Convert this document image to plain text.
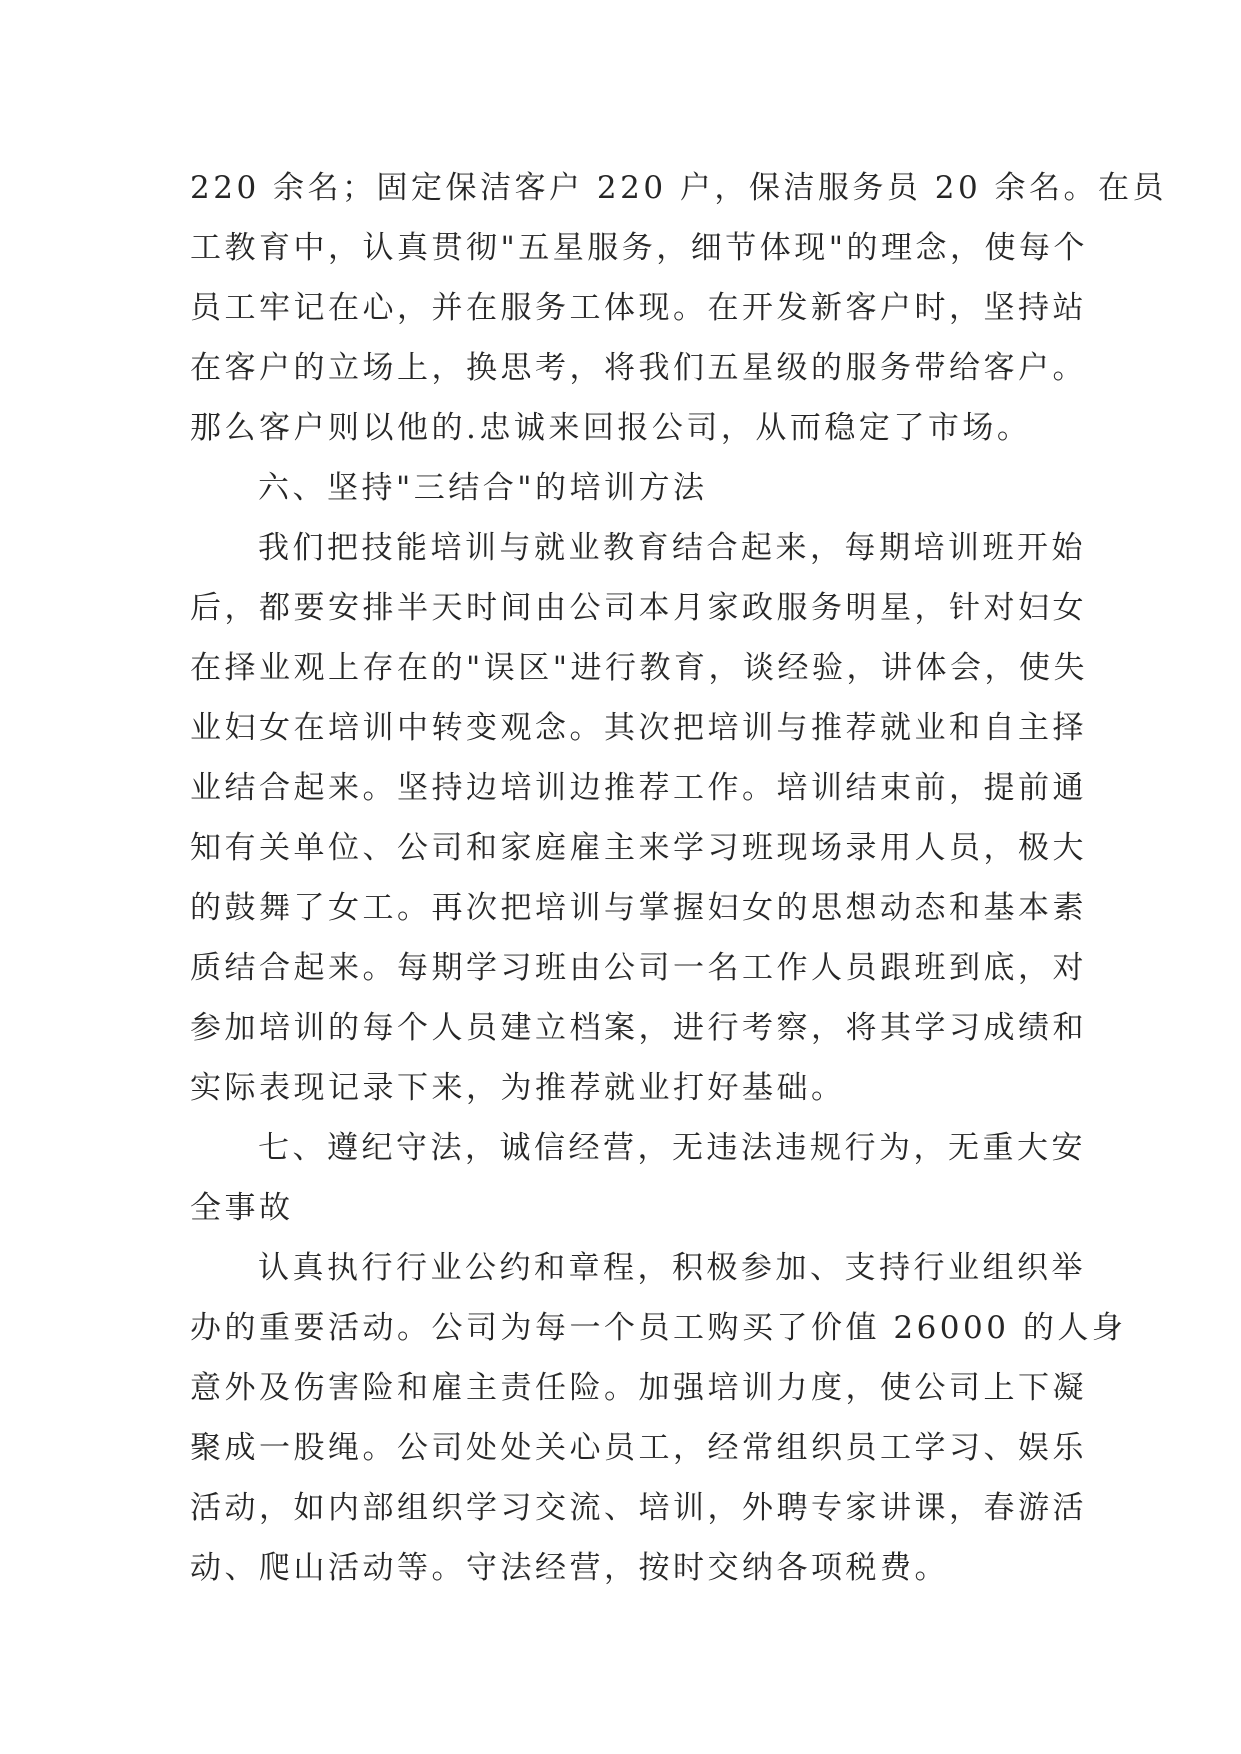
220 余名；固定保洁客户 220 户，保洁服务员 20 余名。在员
工教育中，认真贯彻"五星服务，细节体现"的理念，使每个
员工牢记在心，并在服务工体现。在开发新客户时，坚持站
在客户的立场上，换思考，将我们五星级的服务带给客户。
那么客户则以他的.忠诚来回报公司，从而稳定了市场。
六、坚持"三结合"的培训方法
我们把技能培训与就业教育结合起来，每期培训班开始
后，都要安排半天时间由公司本月家政服务明星，针对妇女
在择业观上存在的"误区"进行教育，谈经验，讲体会，使失
业妇女在培训中转变观念。其次把培训与推荐就业和自主择
业结合起来。坚持边培训边推荐工作。培训结束前，提前通
知有关单位、公司和家庭雇主来学习班现场录用人员，极大
的鼓舞了女工。再次把培训与掌握妇女的思想动态和基本素
质结合起来。每期学习班由公司一名工作人员跟班到底，对
参加培训的每个人员建立档案，进行考察，将其学习成绩和
实际表现记录下来，为推荐就业打好基础。
七、遵纪守法，诚信经营，无违法违规行为，无重大安
全事故
认真执行行业公约和章程，积极参加、支持行业组织举
办的重要活动。公司为每一个员工购买了价值 26000 的人身
意外及伤害险和雇主责任险。加强培训力度，使公司上下凝
聚成一股绳。公司处处关心员工，经常组织员工学习、娱乐
活动，如内部组织学习交流、培训，外聘专家讲课，春游活
动、爬山活动等。守法经营，按时交纳各项税费。
